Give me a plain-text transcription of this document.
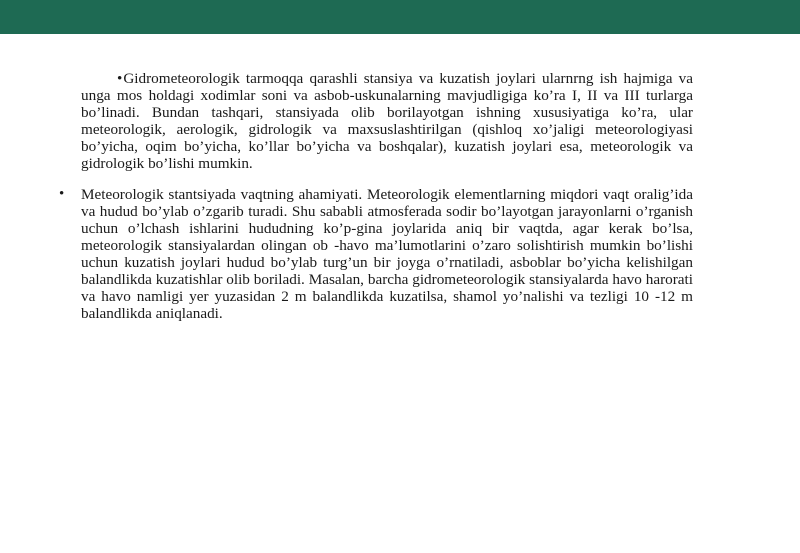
•Gidrometeorologik tarmoqqa qarashli stansiya va kuzatish joylari ularnrng ish hajmiga va unga mos holdagi xodimlar soni va asbob-uskunalarning mavjudligiga ko’ra I, II va III turlarga bo’linadi. Bundan tashqari, stansiyada olib borilayotgan ishning xususiyatiga ko’ra, ular meteorologik, aerologik, gidrologik va maxsuslashtirilgan (qishloq xo’jaligi meteorologiyasi bo’yicha, oqim bo’yicha, ko’llar bo’yicha va boshqalar), kuzatish joylari esa, meteorologik va gidrologik bo’lishi mumkin.

• Meteorologik stantsiyada vaqtning ahamiyati. Meteorologik elementlarning miqdori vaqt oralig’ida va hudud bo’ylab o’zgarib turadi. Shu sababli atmosferada sodir bo’layotgan jarayonlarni o’rganish uchun o’lchash ishlarini hududning ko’p-gina joylarida aniq bir vaqtda, agar kerak bo’lsa, meteorologik stansiyalardan olingan ob -havo ma’lumotlarini o’zaro solishtirish mumkin bo’lishi uchun kuzatish joylari hudud bo’ylab turg’un bir joyga o’rnatiladi, asboblar bo’yicha kelishilgan balandlikda kuzatishlar olib boriladi. Masalan, barcha gidrometeorologik stansiyalarda havo harorati va havo namligi yer yuzasidan 2 m balandlikda kuzatilsa, shamol yo’nalishi va tezligi 10 -12 m balandlikda aniqlanadi.
